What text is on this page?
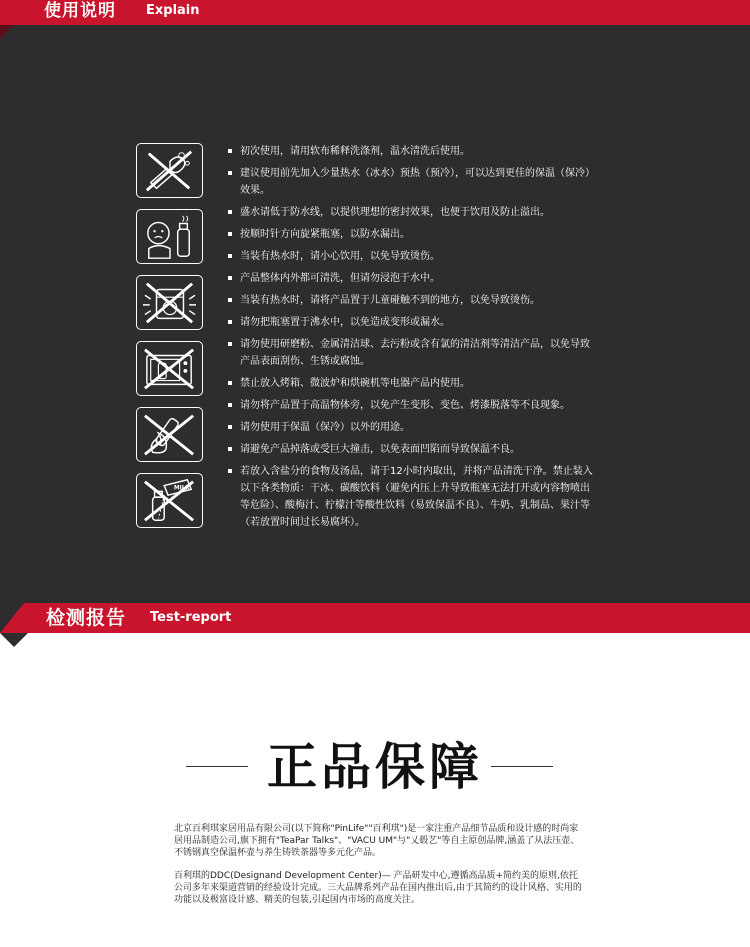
使用说明 Explain
MILK
初次使用，请用软布稀释洗涤剂，温水清洗后使用。
建议使用前先加入少量热水（冰水）预热（预冷），可以达到更佳的保温（保冷）效果。
盛水请低于防水线，以提供理想的密封效果，也便于饮用及防止溢出。
按顺时针方向旋紧瓶塞，以防水漏出。
当装有热水时，请小心饮用，以免导致烫伤。
产品整体内外都可清洗，但请勿浸泡于水中。
当装有热水时，请将产品置于儿童碰触不到的地方，以免导致烫伤。
请勿把瓶塞置于沸水中，以免造成变形或漏水。
请勿使用研磨粉、金属清洁球、去污粉或含有氯的清洁剂等清洁产品，以免导致产品表面刮伤、生锈或腐蚀。
禁止放入烤箱、微波炉和烘碗机等电器产品内使用。
请勿将产品置于高温物体旁，以免产生变形、变色、烤漆脱落等不良现象。
请勿使用于保温（保冷）以外的用途。
请避免产品掉落或受巨大撞击，以免表面凹陷而导致保温不良。
若放入含盐分的食物及汤品，请于12小时内取出，并将产品清洗干净。禁止装入以下各类物质：干冰、碳酸饮料（避免内压上升导致瓶塞无法打开或内容物喷出等危险）、酸梅汁、柠檬汁等酸性饮料（易致保温不良）、牛奶、乳制品、果汁等（若放置时间过长易腐坏）。
检测报告 Test-report
正品保障
北京百利琪家居用品有限公司(以下简称"PinLife""百利琪")是一家注重产品细节品质和设计感的时尚家居用品制造公司,旗下拥有"TeaPar Talks"、"VACU UM"与"乂毂艺"等自主原创品牌,涵盖了从法压壶、不锈钢真空保温杯壶与养生铸铁茶器等多元化产品。
百利琪的DDC(Designand Development Center)— 产品研发中心,遵循高品质+简约美的原则,依托公司多年来渠道营销的经验设计完成。三大品牌系列产品在国内推出后,由于其简约的设计风格、实用的功能以及极富设计感、精美的包装,引起国内市场的高度关注。
